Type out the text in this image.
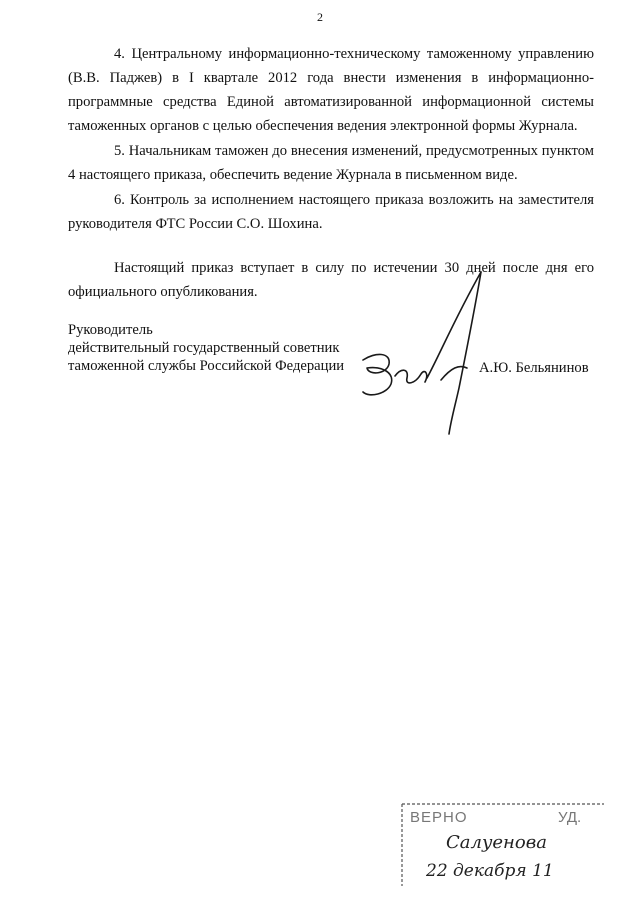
2

4. Центральному информационно-техническому таможенному управлению (В.В. Паджев) в I квартале 2012 года внести изменения в информационно-программные средства Единой автоматизированной информационной системы таможенных органов с целью обеспечения ведения электронной формы Журнала.

5. Начальникам таможен до внесения изменений, предусмотренных пунктом 4 настоящего приказа, обеспечить ведение Журнала в письменном виде.

6. Контроль за исполнением настоящего приказа возложить на заместителя руководителя ФТС России С.О. Шохина.

Настоящий приказ вступает в силу по истечении 30 дней после дня его официального опубликования.

Руководитель
действительный государственный советник
таможенной службы Российской Федерации	А.Ю. Бельянинов
ВЕРНО	УД.
Салуенова
22 декабря 11
